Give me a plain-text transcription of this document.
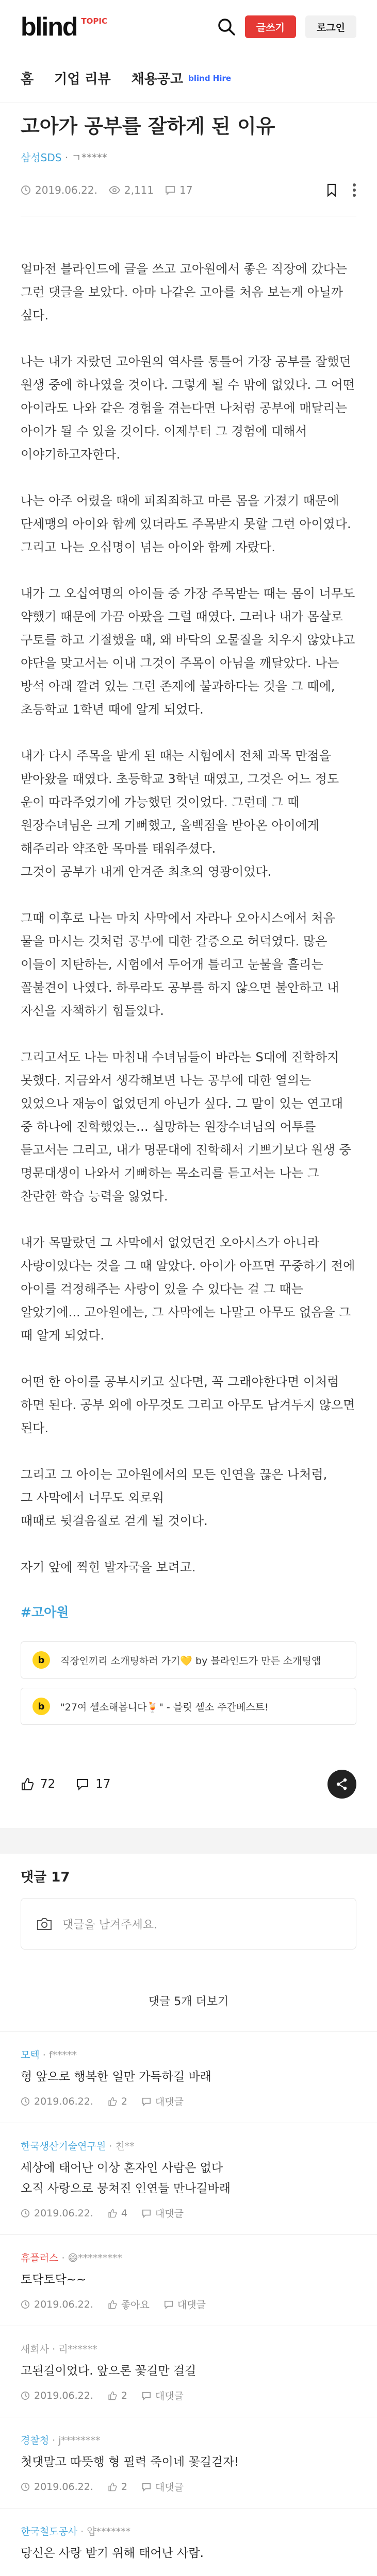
blind TOPIC
글쓰기	로그인
홈 기업 리뷰 채용공고 blind Hire
고아가 공부를 잘하게 된 이유
삼성SDS · ㄱ*****
2019.06.22.	2,111	17

얼마전 블라인드에 글을 쓰고 고아원에서 좋은 직장에 갔다는 그런 댓글을 보았다. 아마 나같은 고아를 처음 보는게 아닐까 싶다.

나는 내가 자랐던 고아원의 역사를 통틀어 가장 공부를 잘했던 원생 중에 하나였을 것이다. 그렇게 될 수 밖에 없었다. 그 어떤 아이라도 나와 같은 경험을 겪는다면 나처럼 공부에 매달리는 아이가 될 수 있을 것이다. 이제부터 그 경험에 대해서 이야기하고자한다.

나는 아주 어렸을 때에 피죄죄하고 마른 몸을 가졌기 때문에 단세맹의 아이와 함께 있더라도 주목받지 못할 그런 아이였다. 그리고 나는 오십명이 넘는 아이와 함께 자랐다.

내가 그 오십여명의 아이들 중 가장 주목받는 때는 몸이 너무도 약했기 때문에 가끔 아팠을 그럴 때였다. 그러나 내가 몸살로 구토를 하고 기절했을 때, 왜 바닥의 오물질을 치우지 않았냐고 야단을 맞고서는 이내 그것이 주목이 아님을 깨달았다. 나는 방석 아래 깔려 있는 그런 존재에 불과하다는 것을 그 때에, 초등학교 1학년 때에 알게 되었다.

내가 다시 주목을 받게 된 때는 시험에서 전체 과목 만점을 받아왔을 때였다. 초등학교 3학년 때였고, 그것은 어느 정도 운이 따라주었기에 가능했던 것이었다. 그런데 그 때 원장수녀님은 크게 기뻐했고, 올백점을 받아온 아이에게 해주리라 약조한 목마를 태워주셨다.
그것이 공부가 내게 안겨준 최초의 영광이었다.

그때 이후로 나는 마치 사막에서 자라나 오아시스에서 처음 물을 마시는 것처럼 공부에 대한 갈증으로 허덕였다. 많은 이들이 지탄하는, 시험에서 두어개 틀리고 눈물을 흘리는 꼴불견이 나였다. 하루라도 공부를 하지 않으면 불안하고 내 자신을 자책하기 힘들었다.

그리고서도 나는 마침내 수녀님들이 바라는 S대에 진학하지 못했다. 지금와서 생각해보면 나는 공부에 대한 열의는 있었으나 재능이 없었던게 아닌가 싶다. 그 말이 있는 연고대 중 하나에 진학했었는… 실망하는 원장수녀님의 어투를 듣고서는 그리고, 내가 명문대에 진학해서 기쁘기보다 원생 중 명문대생이 나와서 기뻐하는 목소리를 듣고서는 나는 그 찬란한 학습 능력을 잃었다.

내가 목말랐던 그 사막에서 없었던건 오아시스가 아니라 사랑이었다는 것을 그 때 알았다. 아이가 아프면 꾸중하기 전에 아이를 걱정해주는 사랑이 있을 수 있다는 걸 그 때는 알았기에... 고아원에는, 그 사막에는 나말고 아무도 없음을 그 때 알게 되었다.

어떤 한 아이를 공부시키고 싶다면, 꼭 그래야한다면 이처럼 하면 된다. 공부 외에 아무것도 그리고 아무도 남겨두지 않으면 된다.

그리고 그 아이는 고아원에서의 모든 인연을 끊은 나처럼,
그 사막에서 너무도 외로워
때때로 뒷걸음질로 걷게 될 것이다.

자기 앞에 찍힌 발자국을 보려고.

#고아원
b	직장인끼리 소개팅하러 가기💛 by 블라인드가 만든 소개팅앱
b	"27여 셀소해봅니다🍹" - 블릿 셀소 주간베스트!
72	17
댓글 17
댓글을 남겨주세요.
댓글 5개 더보기
모텍 · f*****
형 앞으로 행복한 일만 가득하길 바래
2019.06.22.	2	대댓글
한국생산기술연구원 · 친**
세상에 태어난 이상 혼자인 사람은 없다
오직 사랑으로 뭉쳐진 인연들 만나길바래
2019.06.22.	4	대댓글
휴플러스 · 😄*********
토닥토닥~~
2019.06.22.	좋아요	대댓글
새회사 · 리******
고된길이었다. 앞으론 꽃길만 걸길
2019.06.22.	2	대댓글
경찰청 · j********
첫댓말고 따뜻행 형 필력 죽이네 꽃길걷자!
2019.06.22.	2	대댓글
한국철도공사 · 얍*******
당신은 사랑 받기 위해 태어난 사람.
